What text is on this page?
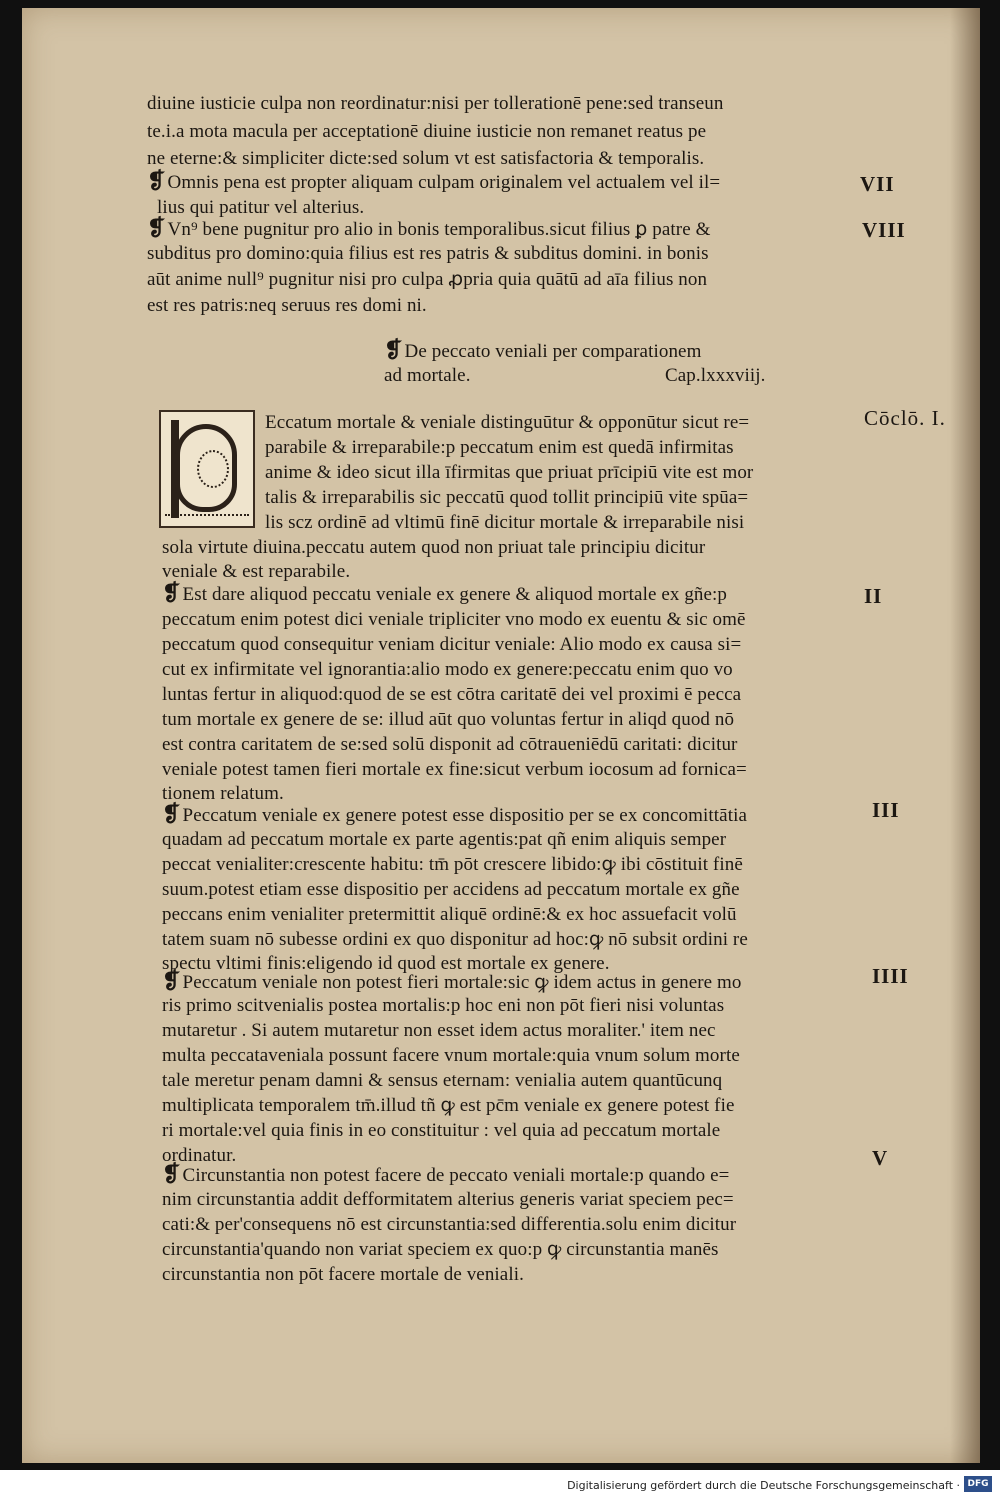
diuine iusticie culpa non reordinatur:nisi per tollerationē pene:sed transeun
te.i.a mota macula per acceptationē diuine iusticie non remanet reatus pe
ne eterne:& simpliciter dicte:sed solum vt est satisfactoria & temporalis.
❡ Omnis pena est propter aliquam culpam originalem vel actualem vel il=
lius qui patitur vel alterius.
❡ Vn⁹ bene pugnitur pro alio in bonis temporalibus.sicut filius ꝑ patre &
subditus pro domino:quia filius est res patris & subditus domini. in bonis
aūt anime null⁹ pugnitur nisi pro culpa ꝓpria quia quātū ad aīa filius non
est res patris:neq seruus res domi ni.
VII
VIII
❡ De peccato veniali per comparationem
ad mortale.	Cap.lxxxviij.
Cōclō. I.
Eccatum mortale & veniale distinguūtur & opponūtur sicut re=
parabile & irreparabile:p peccatum enim est quedā infirmitas
anime & ideo sicut illa īfirmitas que priuat prīcipiū vite est mor
talis & irreparabilis sic peccatū quod tollit principiū vite spūa=
lis scz ordinē ad vltimū finē dicitur mortale & irreparabile nisi
sola virtute diuina.peccatu autem quod non priuat tale principiu dicitur
veniale & est reparabile.
❡ Est dare aliquod peccatu veniale ex genere & aliquod mortale ex gñe:p	II
peccatum enim potest dici veniale tripliciter vno modo ex euentu & sic omē
peccatum quod consequitur veniam dicitur veniale: Alio modo ex causa si=
cut ex infirmitate vel ignorantia:alio modo ex genere:peccatu enim quo vo
luntas fertur in aliquod:quod de se est cōtra caritatē dei vel proximi ē pecca
tum mortale ex genere de se: illud aūt quo voluntas fertur in aliqd quod nō
est contra caritatem de se:sed solū disponit ad cōtraueniēdū caritati: dicitur
veniale potest tamen fieri mortale ex fine:sicut verbum iocosum ad fornica=
tionem relatum.
❡ Peccatum veniale ex genere potest esse dispositio per se ex concomittātia	III
quadam ad peccatum mortale ex parte agentis:pat qñ enim aliquis semper
peccat venialiter:crescente habitu: tm̄ pōt crescere libido:ꝙ ibi cōstituit finē
suum.potest etiam esse dispositio per accidens ad peccatum mortale ex gñe
peccans enim venialiter pretermittit aliquē ordinē:& ex hoc assuefacit volū
tatem suam nō subesse ordini ex quo disponitur ad hoc:ꝙ nō subsit ordini re
spectu vltimi finis:eligendo id quod est mortale ex genere.
❡ Peccatum veniale non potest fieri mortale:sic ꝙ idem actus in genere mo	IIII
ris primo scitvenialis postea mortalis:p hoc eni non pōt fieri nisi voluntas
mutaretur . Si autem mutaretur non esset idem actus moraliter.' item nec
multa peccataveniala possunt facere vnum mortale:quia vnum solum morte
tale meretur penam damni & sensus eternam: venialia autem quantūcunq
multiplicata temporalem tm̄.illud tñ ꝙ est pc̄m veniale ex genere potest fie
ri mortale:vel quia finis in eo constituitur : vel quia ad peccatum mortale
ordinatur.
❡ Circunstantia non potest facere de peccato veniali mortale:p quando e=
V
nim circunstantia addit defformitatem alterius generis variat speciem pec=
cati:& per'consequens nō est circunstantia:sed differentia.solu enim dicitur
circunstantia'quando non variat speciem ex quo:p ꝙ circunstantia manēs
circunstantia non pōt facere mortale de veniali.
Digitalisierung gefördert durch die Deutsche Forschungsgemeinschaft · DFG
